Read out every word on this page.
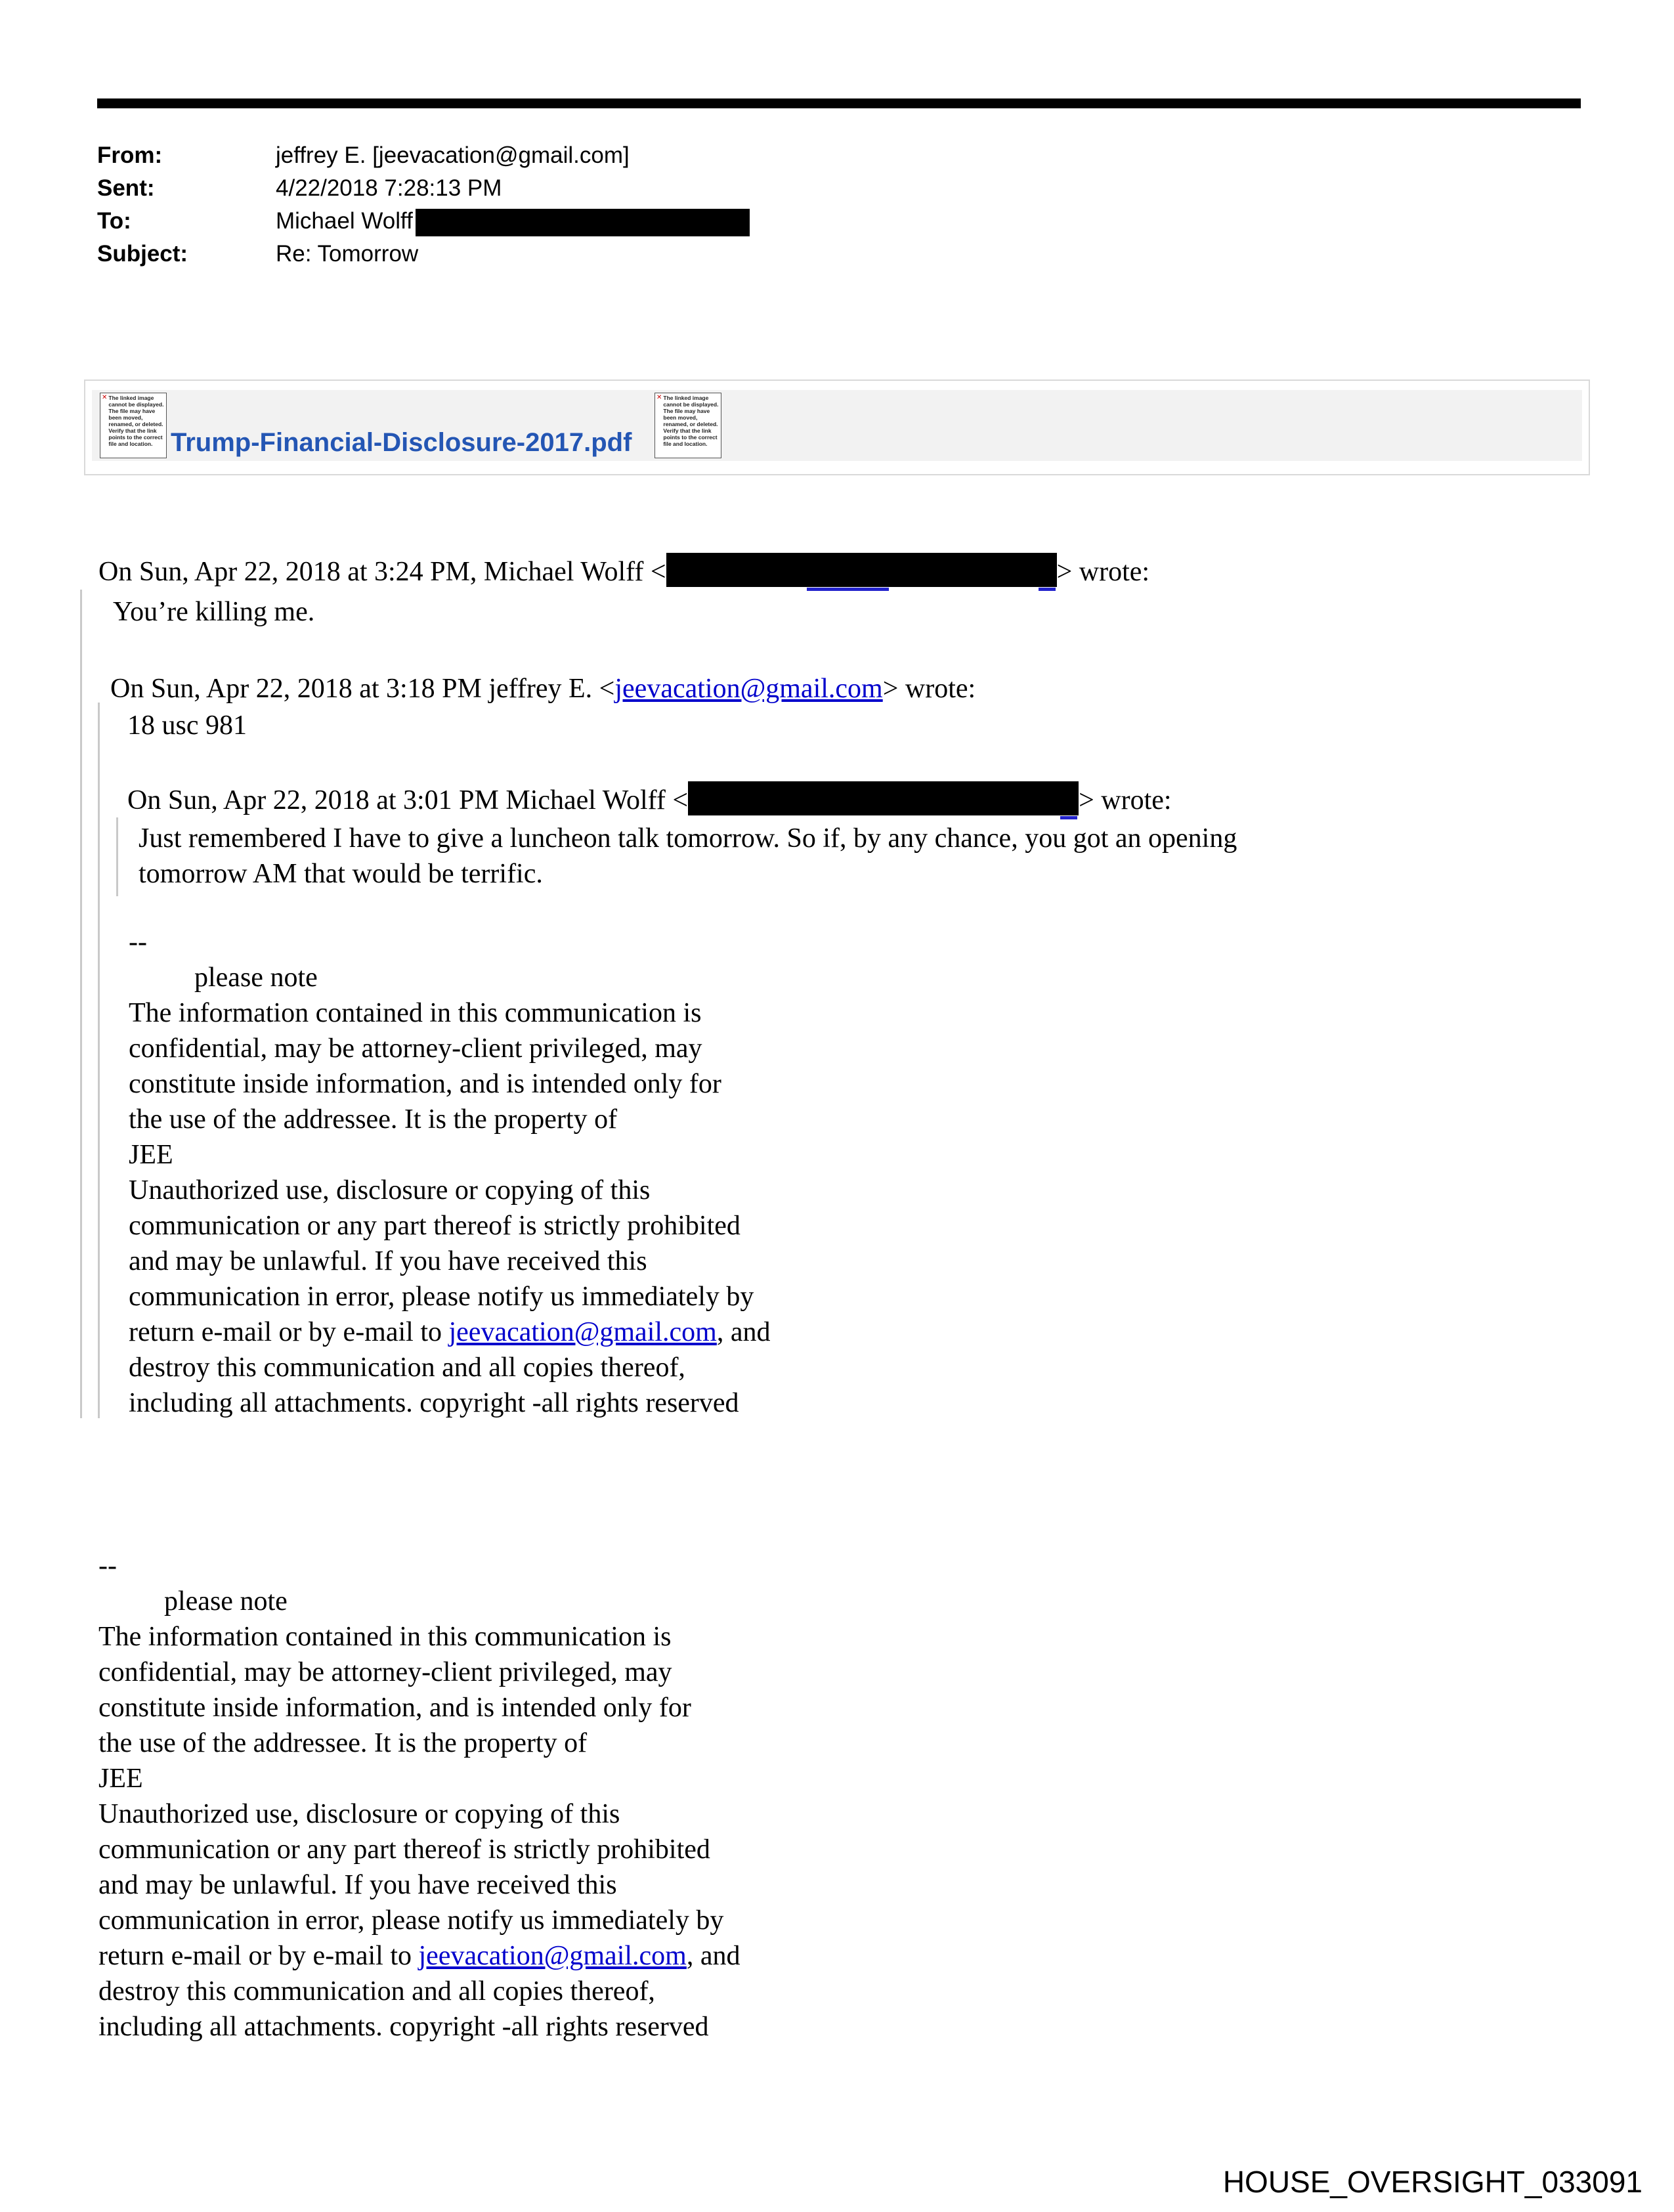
From:	jeffrey E. [jeevacation@gmail.com]
Sent:	4/22/2018 7:28:13 PM
To:	Michael Wolff
Subject:	Re: Tomorrow
✕ The linked image cannot be displayed. The file may have been moved, renamed, or deleted. Verify that the link points to the correct file and location. Trump-Financial-Disclosure-2017.pdf
✕ The linked image cannot be displayed. The file may have been moved, renamed, or deleted. Verify that the link points to the correct file and location.
On Sun, Apr 22, 2018 at 3:24 PM, Michael Wolff <	> wrote:
You’re killing me.
On Sun, Apr 22, 2018 at 3:18 PM jeffrey E. <jeevacation@gmail.com> wrote:
18 usc 981
On Sun, Apr 22, 2018 at 3:01 PM Michael Wolff <	> wrote:
Just remembered I have to give a luncheon talk tomorrow. So if, by any chance, you got an opening
tomorrow AM that would be terrific.
--
please note
The information contained in this communication is
confidential, may be attorney-client privileged, may
constitute inside information, and is intended only for
the use of the addressee. It is the property of
JEE
Unauthorized use, disclosure or copying of this
communication or any part thereof is strictly prohibited
and may be unlawful. If you have received this
communication in error, please notify us immediately by
return e-mail or by e-mail to jeevacation@gmail.com, and
destroy this communication and all copies thereof,
including all attachments. copyright -all rights reserved
--
please note
The information contained in this communication is
confidential, may be attorney-client privileged, may
constitute inside information, and is intended only for
the use of the addressee. It is the property of
JEE
Unauthorized use, disclosure or copying of this
communication or any part thereof is strictly prohibited
and may be unlawful. If you have received this
communication in error, please notify us immediately by
return e-mail or by e-mail to jeevacation@gmail.com, and
destroy this communication and all copies thereof,
including all attachments. copyright -all rights reserved
HOUSE_OVERSIGHT_033091
